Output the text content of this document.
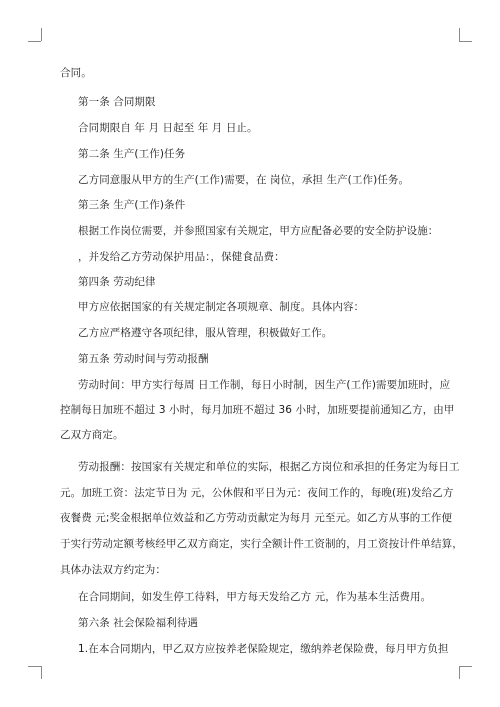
合同。
第一条 合同期限
合同期限自 年 月 日起至 年 月 日止。
第二条 生产(工作)任务
乙方同意服从甲方的生产(工作)需要，在 岗位，承担 生产(工作)任务。
第三条 生产(工作)条件
根据工作岗位需要，并参照国家有关规定，甲方应配备必要的安全防护设施：
，并发给乙方劳动保护用品：，保健食品费：
第四条 劳动纪律
甲方应依据国家的有关规定制定各项规章、制度。具体内容：
乙方应严格遵守各项纪律，服从管理，积极做好工作。
第五条 劳动时间与劳动报酬
劳动时间：甲方实行每周 日工作制，每日小时制，因生产(工作)需要加班时，应
控制每日加班不超过 3 小时，每月加班不超过 36 小时，加班要提前通知乙方，由甲
乙双方商定。
劳动报酬：按国家有关规定和单位的实际，根据乙方岗位和承担的任务定为每日工
元。加班工资：法定节日为 元，公休假和平日为元：夜间工作的，每晚(班)发给乙方
夜餐费 元;奖金根据单位效益和乙方劳动贡献定为每月 元至元。如乙方从事的工作便
于实行劳动定额考核经甲乙双方商定，实行全额计件工资制的，月工资按计件单结算，
具体办法双方约定为：
在合同期间，如发生停工待料，甲方每天发给乙方 元，作为基本生活费用。
第六条 社会保险福利待遇
1.在本合同期内，甲乙双方应按养老保险规定，缴纳养老保险费，每月甲方负担
